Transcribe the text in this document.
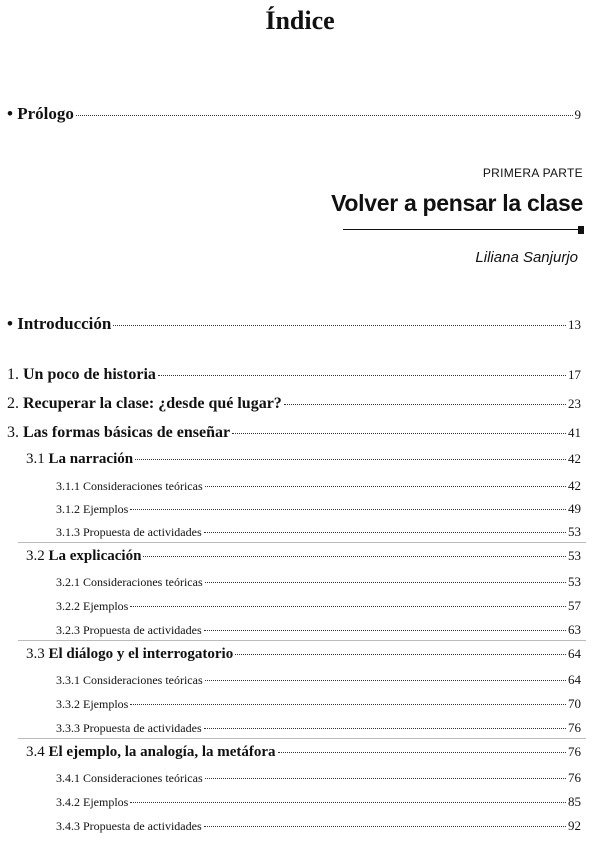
Índice
• Prólogo	9
PRIMERA PARTE
Volver a pensar la clase
Liliana Sanjurjo
• Introducción	13
1. Un poco de historia	17
2. Recuperar la clase: ¿desde qué lugar?	23
3. Las formas básicas de enseñar	41
3.1 La narración	42
3.1.1 Consideraciones teóricas	42
3.1.2 Ejemplos	49
3.1.3 Propuesta de actividades	53
3.2 La explicación	53
3.2.1 Consideraciones teóricas	53
3.2.2 Ejemplos	57
3.2.3 Propuesta de actividades	63
3.3 El diálogo y el interrogatorio	64
3.3.1 Consideraciones teóricas	64
3.3.2 Ejemplos	70
3.3.3 Propuesta de actividades	76
3.4 El ejemplo, la analogía, la metáfora	76
3.4.1 Consideraciones teóricas	76
3.4.2 Ejemplos	85
3.4.3 Propuesta de actividades	92
